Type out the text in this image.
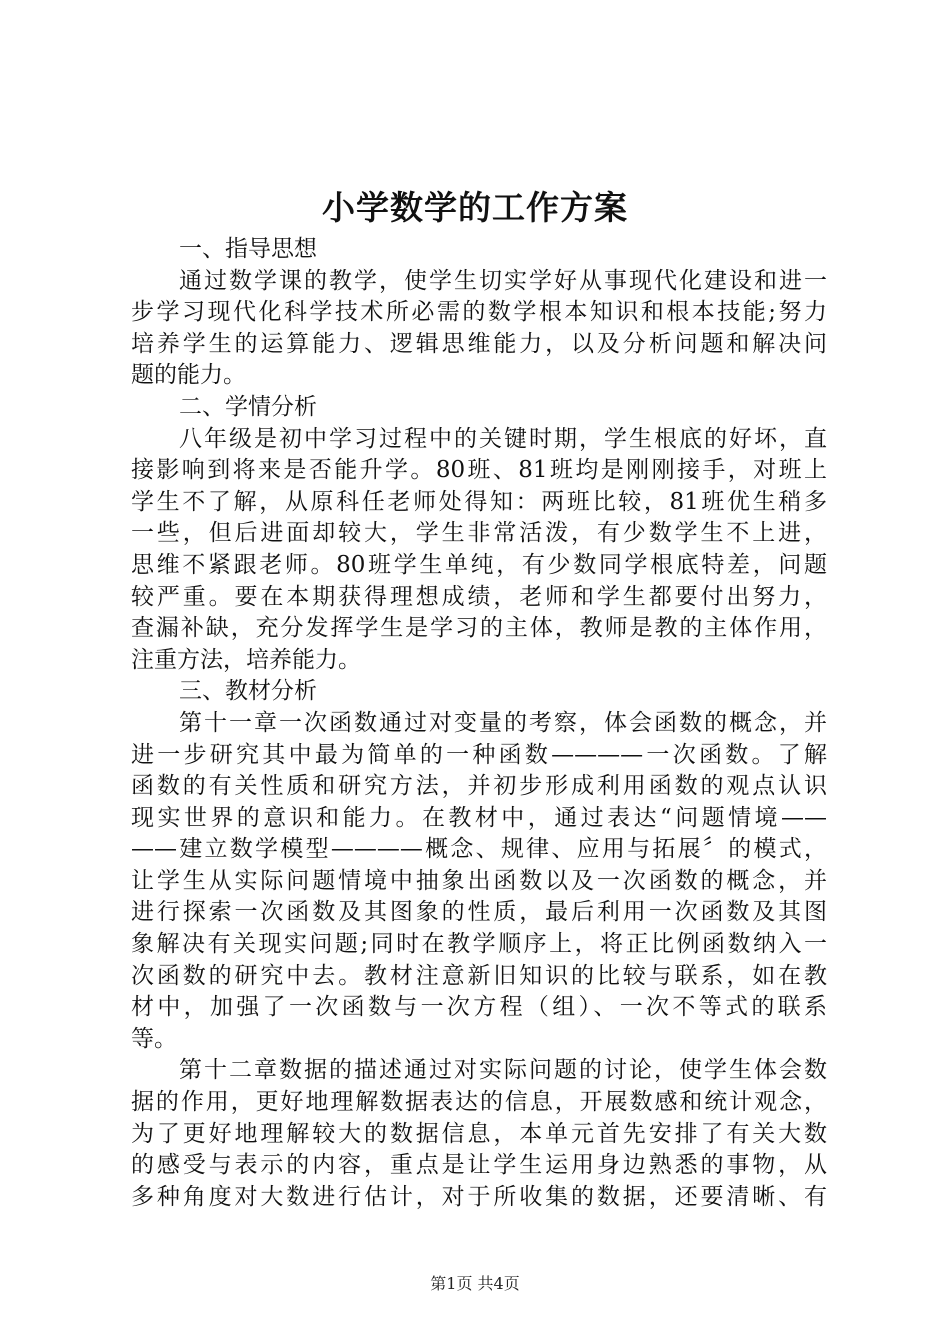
小学数学的工作方案
一、指导思想
通过数学课的教学，使学生切实学好从事现代化建设和进一
步学习现代化科学技术所必需的数学根本知识和根本技能;努力
培养学生的运算能力、逻辑思维能力，以及分析问题和解决问
题的能力。
二、学情分析
八年级是初中学习过程中的关键时期，学生根底的好坏，直
接影响到将来是否能升学。80班、81班均是刚刚接手，对班上
学生不了解，从原科任老师处得知：两班比较，81班优生稍多
一些，但后进面却较大，学生非常活泼，有少数学生不上进，
思维不紧跟老师。80班学生单纯，有少数同学根底特差，问题
较严重。要在本期获得理想成绩，老师和学生都要付出努力，
查漏补缺，充分发挥学生是学习的主体，教师是教的主体作用，
注重方法，培养能力。
三、教材分析
第十一章一次函数通过对变量的考察，体会函数的概念，并
进一步研究其中最为简单的一种函数————一次函数。了解
函数的有关性质和研究方法，并初步形成利用函数的观点认识
现实世界的意识和能力。在教材中，通过表达“问题情境——
——建立数学模型————概念、规律、应用与拓展〞的模式，
让学生从实际问题情境中抽象出函数以及一次函数的概念，并
进行探索一次函数及其图象的性质，最后利用一次函数及其图
象解决有关现实问题;同时在教学顺序上，将正比例函数纳入一
次函数的研究中去。教材注意新旧知识的比较与联系，如在教
材中，加强了一次函数与一次方程（组）、一次不等式的联系
等。
第十二章数据的描述通过对实际问题的讨论，使学生体会数
据的作用，更好地理解数据表达的信息，开展数感和统计观念，
为了更好地理解较大的数据信息，本单元首先安排了有关大数
的感受与表示的内容，重点是让学生运用身边熟悉的事物，从
多种角度对大数进行估计，对于所收集的数据，还要清晰、有
第1页 共4页
